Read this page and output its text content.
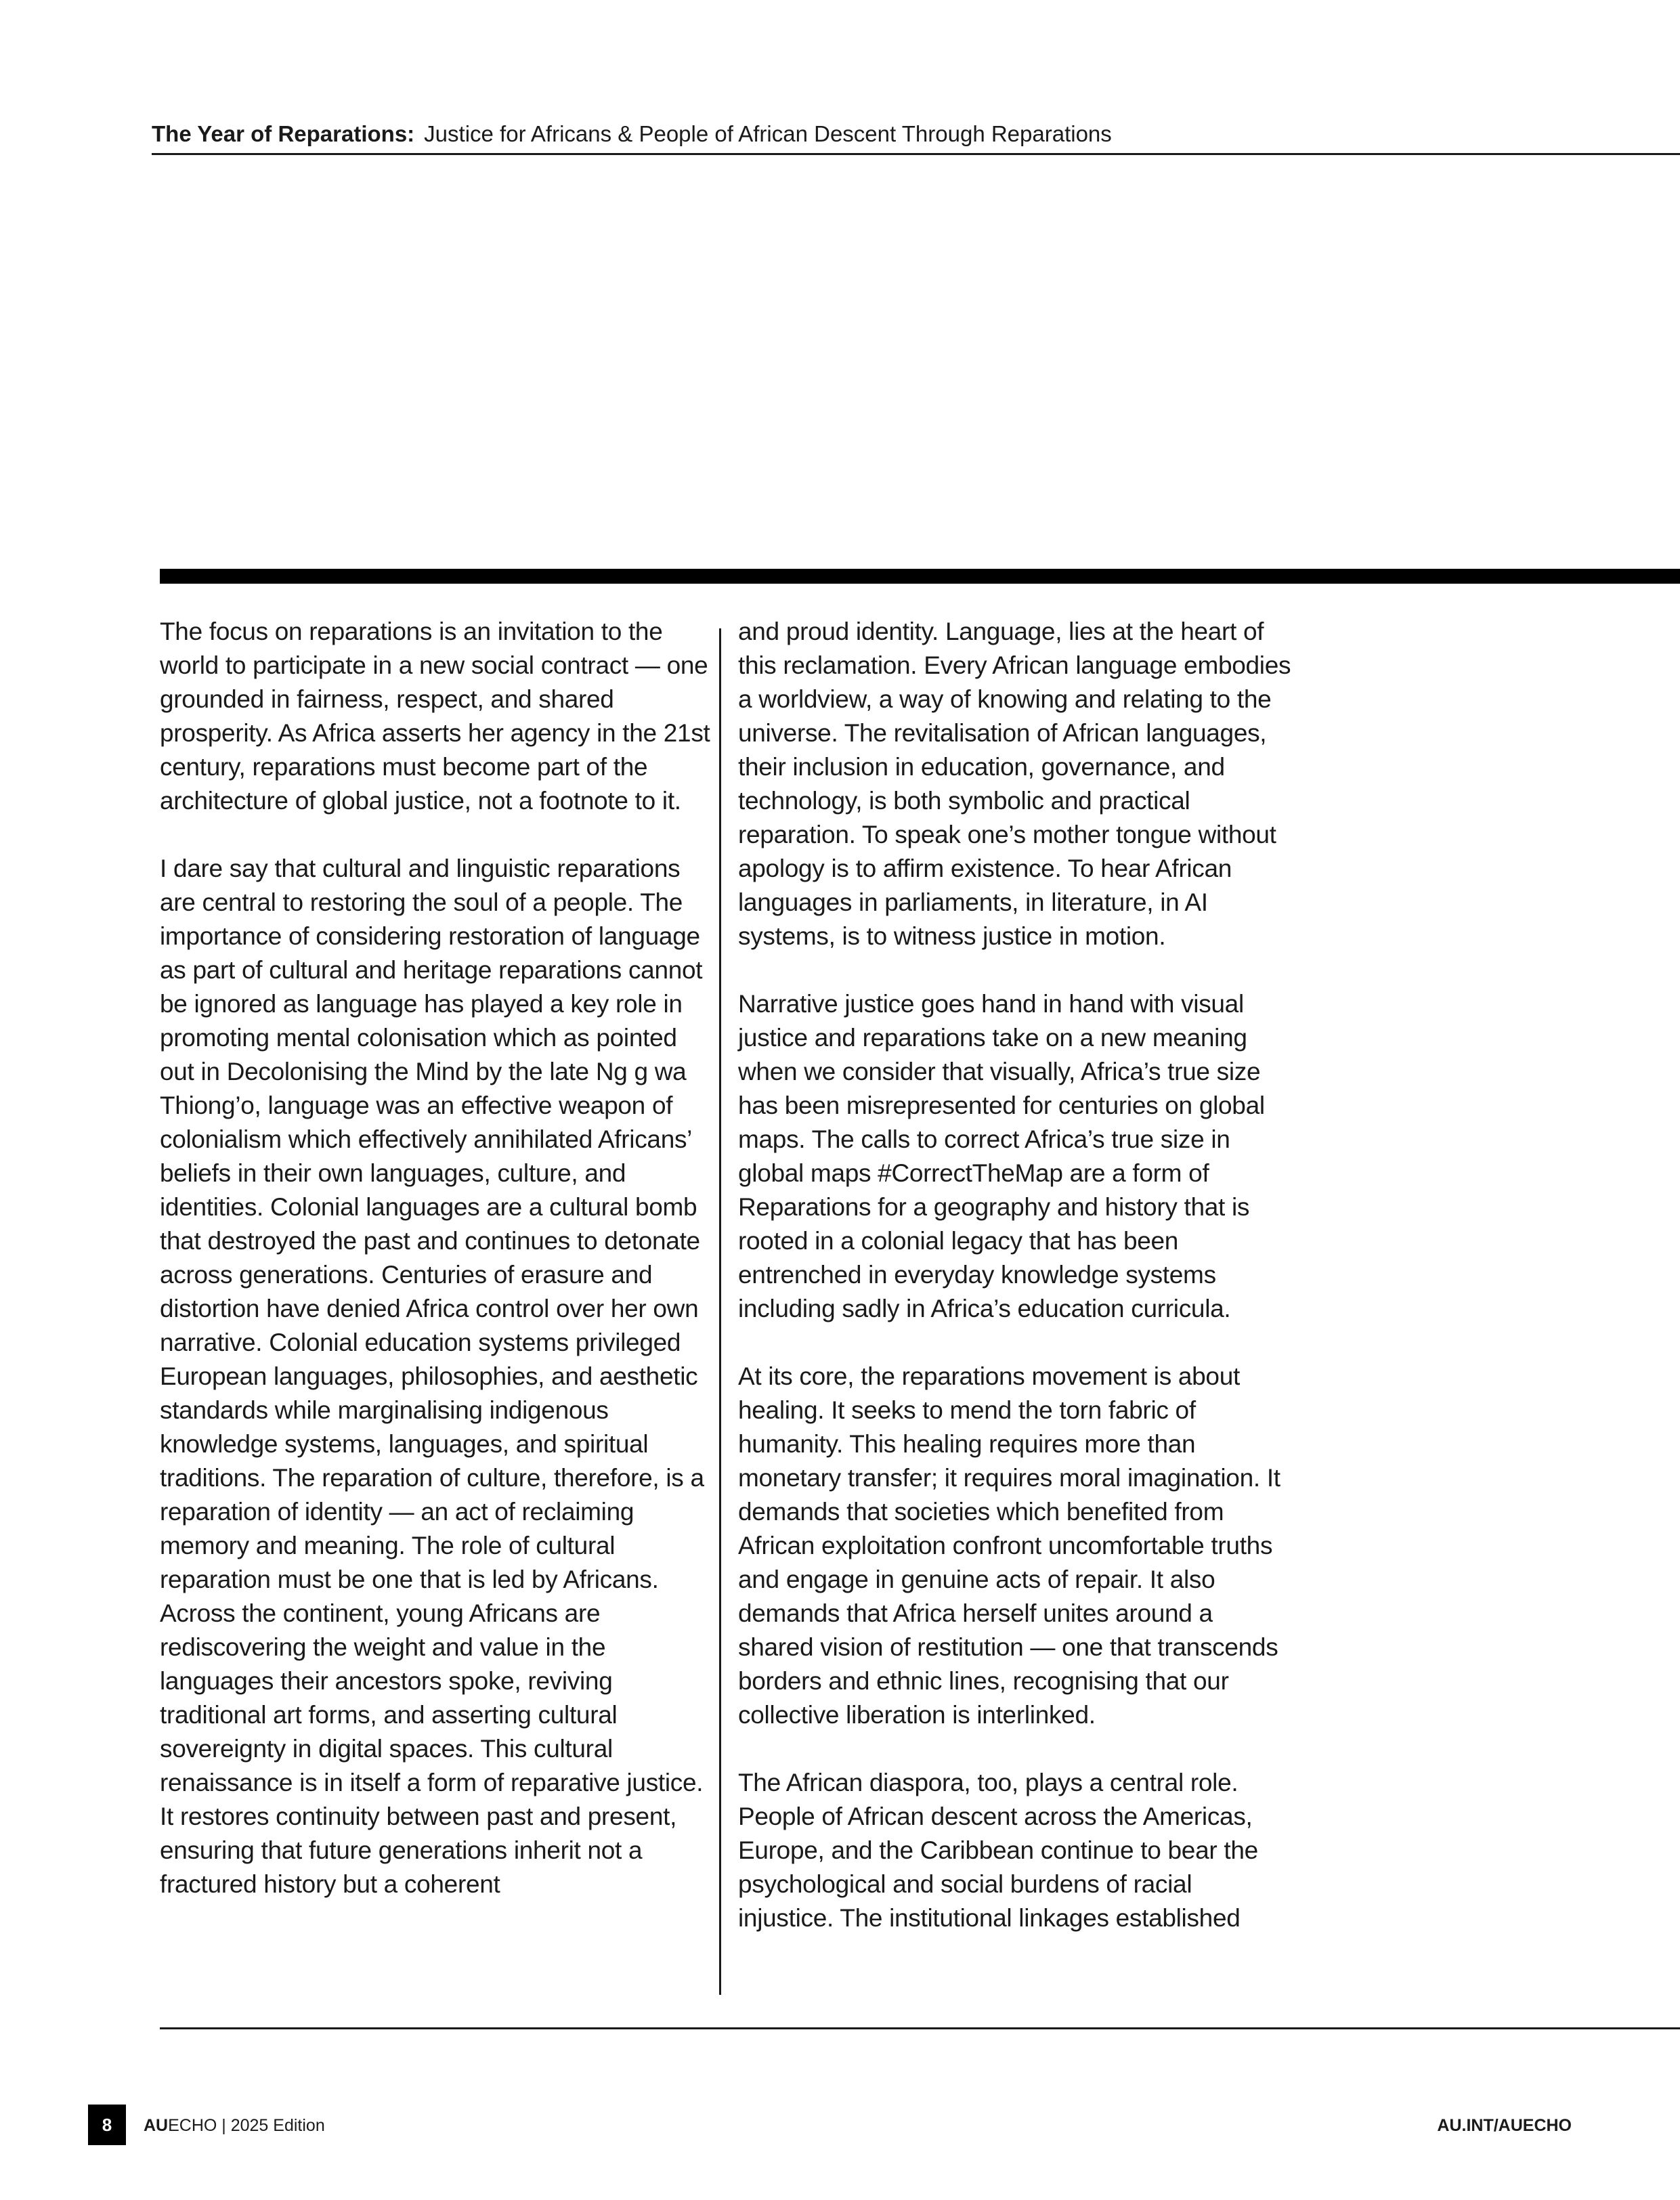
The Year of Reparations: Justice for Africans & People of African Descent Through Reparations

The focus on reparations is an invitation to the world to participate in a new social contract — one grounded in fairness, respect, and shared prosperity. As Africa asserts her agency in the 21st century, reparations must become part of the architecture of global justice, not a footnote to it.

I dare say that cultural and linguistic reparations are central to restoring the soul of a people. The importance of considering restoration of language as part of cultural and heritage reparations cannot be ignored as language has played a key role in promoting mental colonisation which as pointed out in Decolonising the Mind by the late Ng g wa Thiong’o, language was an effective weapon of colonialism which effectively annihilated Africans’ beliefs in their own languages, culture, and identities. Colonial languages are a cultural bomb that destroyed the past and continues to detonate across generations. Centuries of erasure and distortion have denied Africa control over her own narrative. Colonial education systems privileged European languages, philosophies, and aesthetic standards while marginalising indigenous knowledge systems, languages, and spiritual traditions. The reparation of culture, therefore, is a reparation of identity — an act of reclaiming memory and meaning. The role of cultural reparation must be one that is led by Africans. Across the continent, young Africans are rediscovering the weight and value in the languages their ancestors spoke, reviving traditional art forms, and asserting cultural sovereignty in digital spaces. This cultural renaissance is in itself a form of reparative justice. It restores continuity between past and present, ensuring that future generations inherit not a fractured history but a coherent

and proud identity. Language, lies at the heart of this reclamation. Every African language embodies a worldview, a way of knowing and relating to the universe. The revitalisation of African languages, their inclusion in education, governance, and technology, is both symbolic and practical reparation. To speak one’s mother tongue without apology is to affirm existence. To hear African languages in parliaments, in literature, in AI systems, is to witness justice in motion.

Narrative justice goes hand in hand with visual justice and reparations take on a new meaning when we consider that visually, Africa’s true size has been misrepresented for centuries on global maps. The calls to correct Africa’s true size in global maps #CorrectTheMap are a form of Reparations for a geography and history that is rooted in a colonial legacy that has been entrenched in everyday knowledge systems including sadly in Africa’s education curricula.

At its core, the reparations movement is about healing. It seeks to mend the torn fabric of humanity. This healing requires more than monetary transfer; it requires moral imagination. It demands that societies which benefited from African exploitation confront uncomfortable truths and engage in genuine acts of repair. It also demands that Africa herself unites around a shared vision of restitution — one that transcends borders and ethnic lines, recognising that our collective liberation is interlinked.

The African diaspora, too, plays a central role. People of African descent across the Americas, Europe, and the Caribbean continue to bear the psychological and social burdens of racial injustice. The institutional linkages established

8	AUECHO | 2025 Edition	AU.INT/AUECHO
